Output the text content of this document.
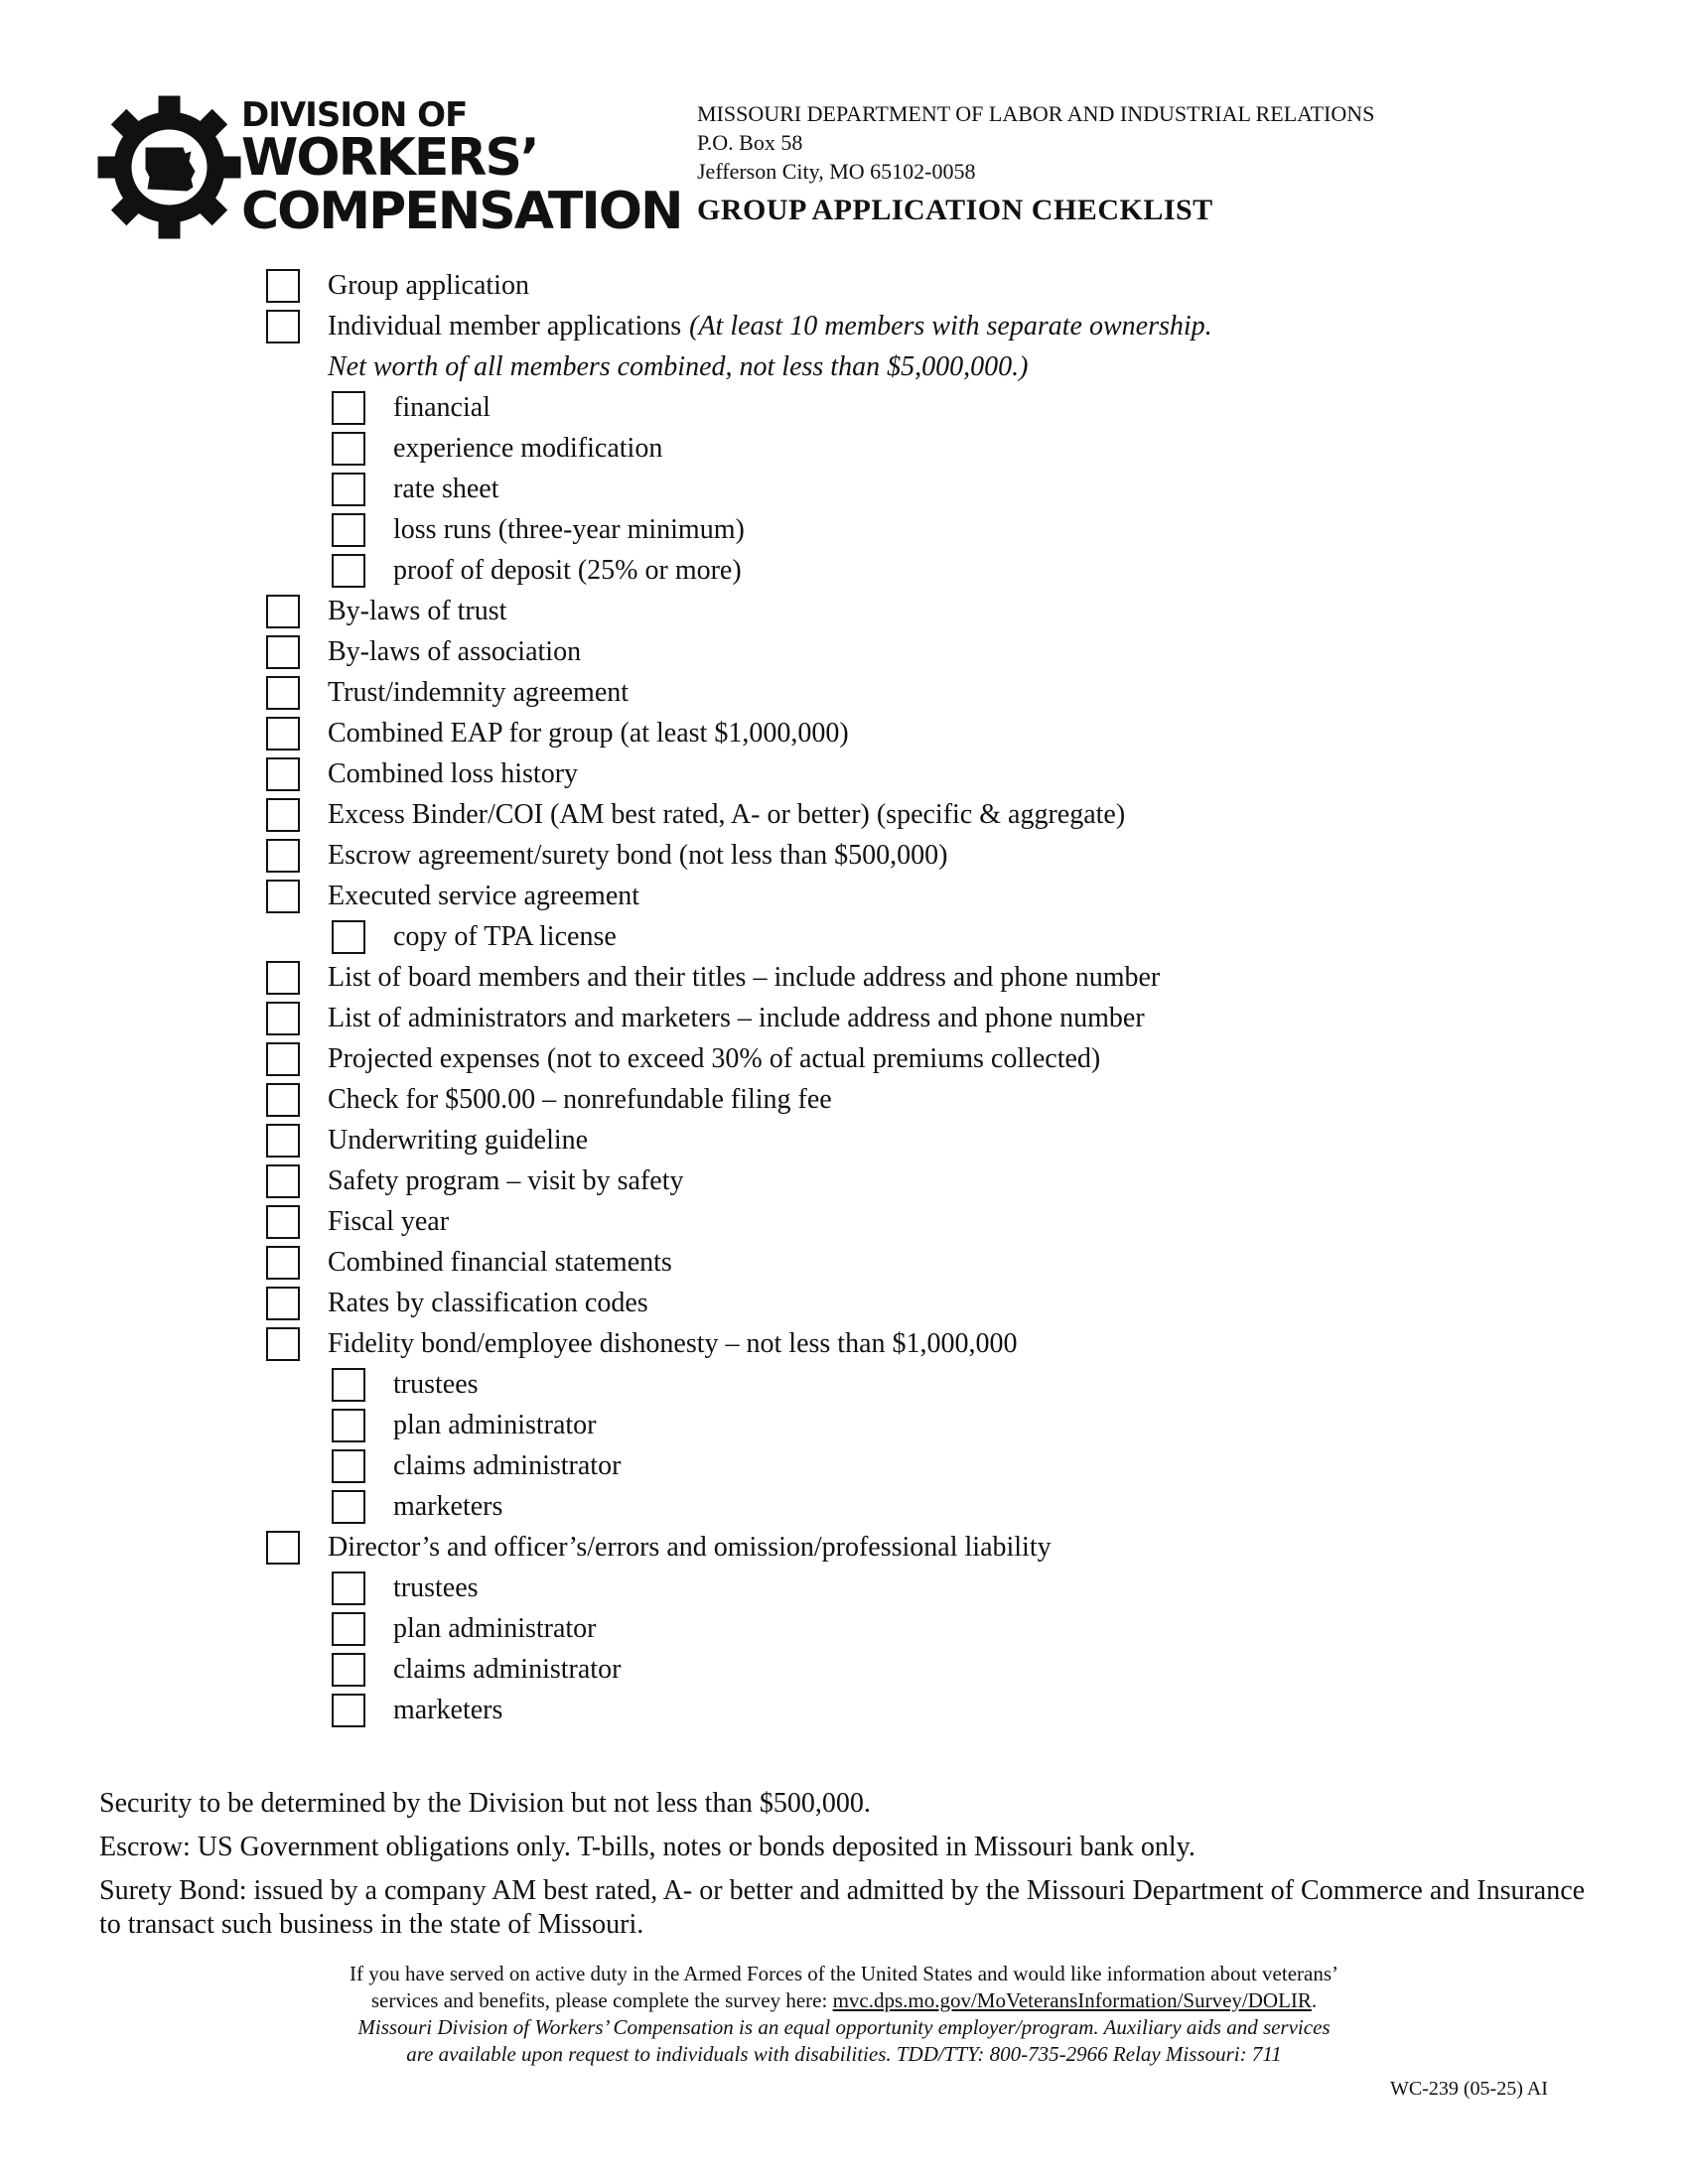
DIVISION OF
WORKERS’
COMPENSATION
MISSOURI DEPARTMENT OF LABOR AND INDUSTRIAL RELATIONS
P.O. Box 58
Jefferson City, MO 65102-0058
GROUP APPLICATION CHECKLIST
Group application
Individual member applications (At least 10 members with separate ownership.
Net worth of all members combined, not less than $5,000,000.)
financial
experience modification
rate sheet
loss runs (three-year minimum)
proof of deposit (25% or more)
By-laws of trust
By-laws of association
Trust/indemnity agreement
Combined EAP for group (at least $1,000,000)
Combined loss history
Excess Binder/COI (AM best rated, A- or better) (specific & aggregate)
Escrow agreement/surety bond (not less than $500,000)
Executed service agreement
copy of TPA license
List of board members and their titles – include address and phone number
List of administrators and marketers – include address and phone number
Projected expenses (not to exceed 30% of actual premiums collected)
Check for $500.00 – nonrefundable filing fee
Underwriting guideline
Safety program – visit by safety
Fiscal year
Combined financial statements
Rates by classification codes
Fidelity bond/employee dishonesty – not less than $1,000,000
trustees
plan administrator
claims administrator
marketers
Director’s and officer’s/errors and omission/professional liability
trustees
plan administrator
claims administrator
marketers

Security to be determined by the Division but not less than $500,000.

Escrow: US Government obligations only. T-bills, notes or bonds deposited in Missouri bank only.

Surety Bond: issued by a company AM best rated, A- or better and admitted by the Missouri Department of Commerce and Insurance to transact such business in the state of Missouri.

If you have served on active duty in the Armed Forces of the United States and would like information about veterans’
services and benefits, please complete the survey here: mvc.dps.mo.gov/MoVeteransInformation/Survey/DOLIR.
Missouri Division of Workers’ Compensation is an equal opportunity employer/program. Auxiliary aids and services
are available upon request to individuals with disabilities. TDD/TTY: 800-735-2966 Relay Missouri: 711
WC-239 (05-25) AI
